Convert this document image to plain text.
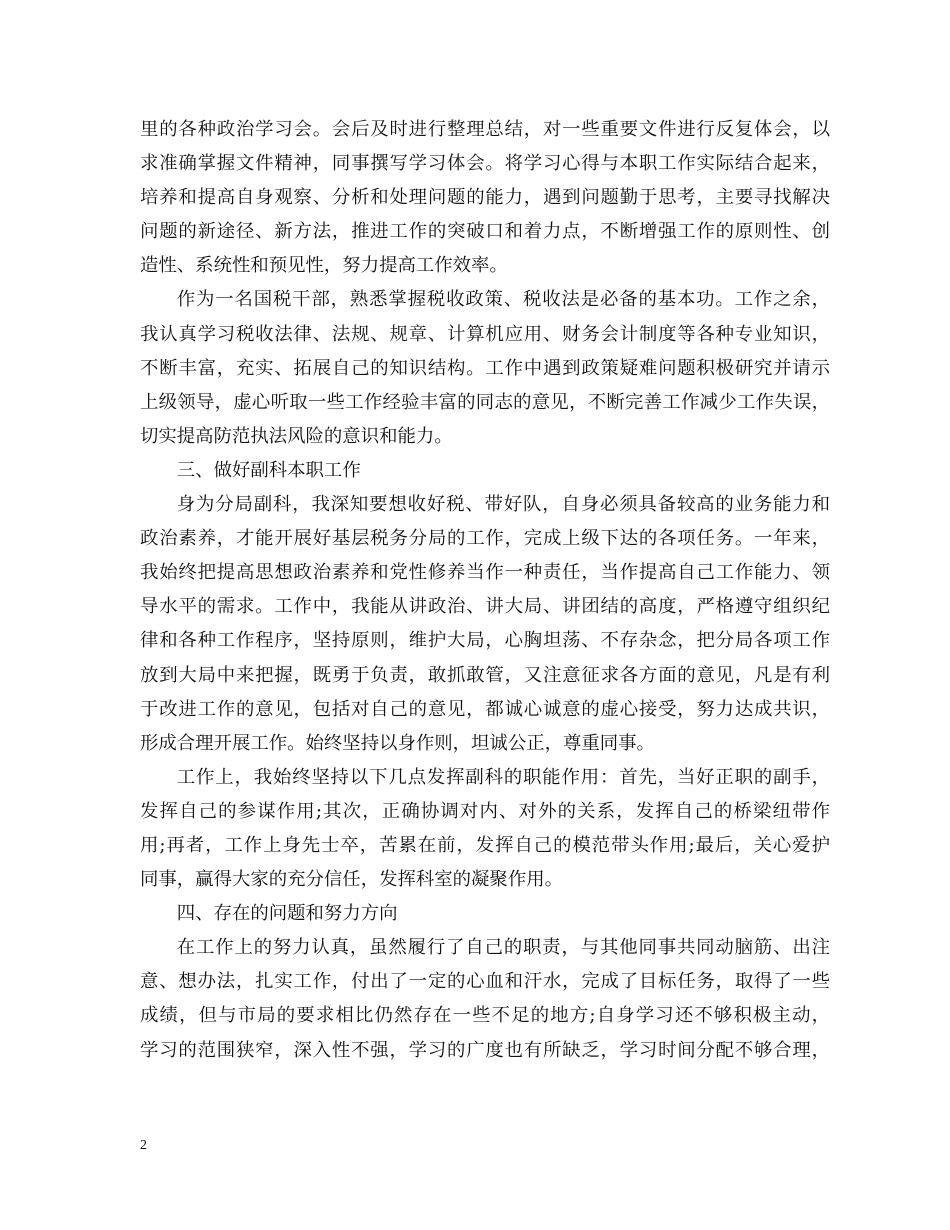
里的各种政治学习会。会后及时进行整理总结，对一些重要文件进行反复体会，以
求准确掌握文件精神，同事撰写学习体会。将学习心得与本职工作实际结合起来，
培养和提高自身观察、分析和处理问题的能力，遇到问题勤于思考，主要寻找解决
问题的新途径、新方法，推进工作的突破口和着力点，不断增强工作的原则性、创
造性、系统性和预见性，努力提高工作效率。
作为一名国税干部，熟悉掌握税收政策、税收法是必备的基本功。工作之余，
我认真学习税收法律、法规、规章、计算机应用、财务会计制度等各种专业知识，
不断丰富，充实、拓展自己的知识结构。工作中遇到政策疑难问题积极研究并请示
上级领导，虚心听取一些工作经验丰富的同志的意见，不断完善工作减少工作失误，
切实提高防范执法风险的意识和能力。
三、做好副科本职工作
身为分局副科，我深知要想收好税、带好队，自身必须具备较高的业务能力和
政治素养，才能开展好基层税务分局的工作，完成上级下达的各项任务。一年来，
我始终把提高思想政治素养和党性修养当作一种责任，当作提高自己工作能力、领
导水平的需求。工作中，我能从讲政治、讲大局、讲团结的高度，严格遵守组织纪
律和各种工作程序，坚持原则，维护大局，心胸坦荡、不存杂念，把分局各项工作
放到大局中来把握，既勇于负责，敢抓敢管，又注意征求各方面的意见，凡是有利
于改进工作的意见，包括对自己的意见，都诚心诚意的虚心接受，努力达成共识，
形成合理开展工作。始终坚持以身作则，坦诚公正，尊重同事。
工作上，我始终坚持以下几点发挥副科的职能作用：首先，当好正职的副手，
发挥自己的参谋作用;其次，正确协调对内、对外的关系，发挥自己的桥梁纽带作
用;再者，工作上身先士卒，苦累在前，发挥自己的模范带头作用;最后，关心爱护
同事，赢得大家的充分信任，发挥科室的凝聚作用。
四、存在的问题和努力方向
在工作上的努力认真，虽然履行了自己的职责，与其他同事共同动脑筋、出注
意、想办法，扎实工作，付出了一定的心血和汗水，完成了目标任务，取得了一些
成绩，但与市局的要求相比仍然存在一些不足的地方;自身学习还不够积极主动，
学习的范围狭窄，深入性不强，学习的广度也有所缺乏，学习时间分配不够合理，
2
